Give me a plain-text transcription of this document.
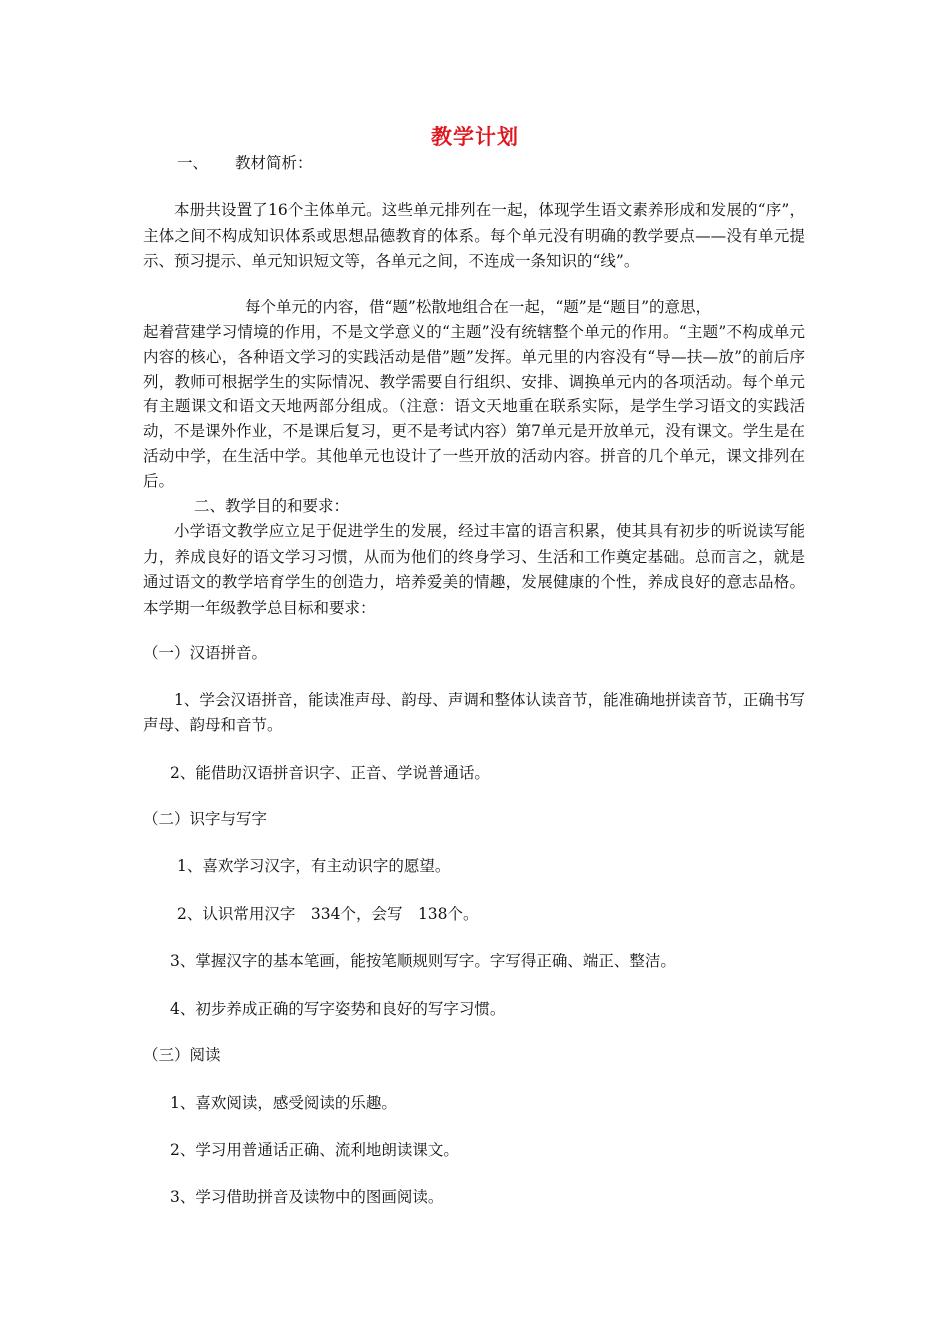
教学计划
一、 教材简析：
本册共设置了16个主体单元。这些单元排列在一起，体现学生语文素养形成和发展的“序”，主体之间不构成知识体系或思想品德教育的体系。每个单元没有明确的教学要点——没有单元提示、预习提示、单元知识短文等，各单元之间，不连成一条知识的“线”。
每个单元的内容，借“题”松散地组合在一起，“题”是“题目”的意思，
起着营建学习情境的作用，不是文学意义的“主题”没有统辖整个单元的作用。“主题”不构成单元内容的核心，各种语文学习的实践活动是借”题”发挥。单元里的内容没有“导—扶—放”的前后序列，教师可根据学生的实际情况、教学需要自行组织、安排、调换单元内的各项活动。每个单元有主题课文和语文天地两部分组成。（注意：语文天地重在联系实际，是学生学习语文的实践活动，不是课外作业，不是课后复习，更不是考试内容）第7单元是开放单元，没有课文。学生是在活动中学，在生活中学。其他单元也设计了一些开放的活动内容。拼音的几个单元，课文排列在后。
二、教学目的和要求：
小学语文教学应立足于促进学生的发展，经过丰富的语言积累，使其具有初步的听说读写能力，养成良好的语文学习习惯，从而为他们的终身学习、生活和工作奠定基础。总而言之，就是通过语文的教学培育学生的创造力，培养爱美的情趣，发展健康的个性，养成良好的意志品格。本学期一年级教学总目标和要求：
（一）汉语拼音。
1、学会汉语拼音，能读准声母、韵母、声调和整体认读音节，能准确地拼读音节，正确书写声母、韵母和音节。
2、能借助汉语拼音识字、正音、学说普通话。
（二）识字与写字
1、喜欢学习汉字，有主动识字的愿望。
2、认识常用汉字　334个，会写　138个。
3、掌握汉字的基本笔画，能按笔顺规则写字。字写得正确、端正、整洁。
4、初步养成正确的写字姿势和良好的写字习惯。
（三）阅读
1、喜欢阅读，感受阅读的乐趣。
2、学习用普通话正确、流利地朗读课文。
3、学习借助拼音及读物中的图画阅读。
